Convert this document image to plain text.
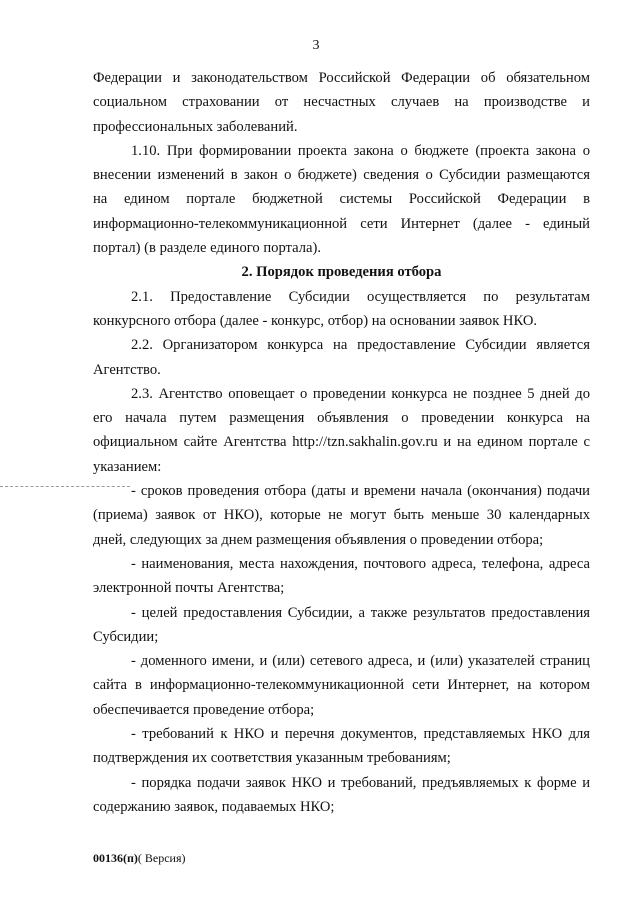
3
Федерации и законодательством Российской Федерации об обязательном
социальном страховании от несчастных случаев на производстве и
профессиональных заболеваний.
1.10. При формировании проекта закона о бюджете (проекта закона о
внесении изменений в закон о бюджете) сведения о Субсидии размещаются
на едином портале бюджетной системы Российской Федерации в
информационно-телекоммуникационной сети Интернет (далее - единый
портал) (в разделе единого портала).
2. Порядок проведения отбора
2.1. Предоставление Субсидии осуществляется по результатам
конкурсного отбора (далее - конкурс, отбор) на основании заявок НКО.
2.2. Организатором конкурса на предоставление Субсидии является
Агентство.
2.3. Агентство оповещает о проведении конкурса не позднее 5 дней до
его начала путем размещения объявления о проведении конкурса на
официальном сайте Агентства http://tzn.sakhalin.gov.ru и на едином портале с
указанием:
- сроков проведения отбора (даты и времени начала (окончания) подачи
(приема) заявок от НКО), которые не могут быть меньше 30 календарных
дней, следующих за днем размещения объявления о проведении отбора;
- наименования, места нахождения, почтового адреса, телефона, адреса
электронной почты Агентства;
- целей предоставления Субсидии, а также результатов предоставления
Субсидии;
- доменного имени, и (или) сетевого адреса, и (или) указателей страниц
сайта в информационно-телекоммуникационной сети Интернет, на котором
обеспечивается проведение отбора;
- требований к НКО и перечня документов, представляемых НКО для
подтверждения их соответствия указанным требованиям;
- порядка подачи заявок НКО и требований, предъявляемых к форме и
содержанию заявок, подаваемых НКО;
00136(п)( Версия)
